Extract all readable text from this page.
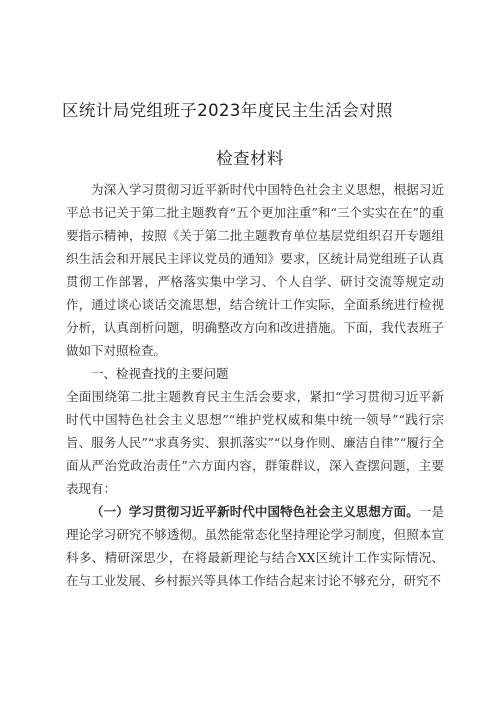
区统计局党组班子2023年度民主生活会对照
检查材料

为深入学习贯彻习近平新时代中国特色社会主义思想，根据习近平总书记关于第二批主题教育“五个更加注重”和“三个实实在在”的重要指示精神，按照《关于第二批主题教育单位基层党组织召开专题组织生活会和开展民主评议党员的通知》要求，区统计局党组班子认真贯彻工作部署，严格落实集中学习、个人自学、研讨交流等规定动作，通过谈心谈话交流思想，结合统计工作实际，全面系统进行检视分析，认真剖析问题，明确整改方向和改进措施。下面，我代表班子做如下对照检查。

一、检视查找的主要问题

全面围绕第二批主题教育民主生活会要求，紧扣“学习贯彻习近平新时代中国特色社会主义思想”“维护党权威和集中统一领导”“践行宗旨、服务人民”“求真务实、狠抓落实”“以身作则、廉洁自律”“履行全面从严治党政治责任”六方面内容，群策群议，深入查摆问题，主要表现有：

（一）学习贯彻习近平新时代中国特色社会主义思想方面。一是理论学习研究不够透彻。虽然能常态化坚持理论学习制度，但照本宣科多、精研深思少，在将最新理论与结合XX区统计工作实际情况、在与工业发展、乡村振兴等具体工作结合起来讨论不够充分，研究不
